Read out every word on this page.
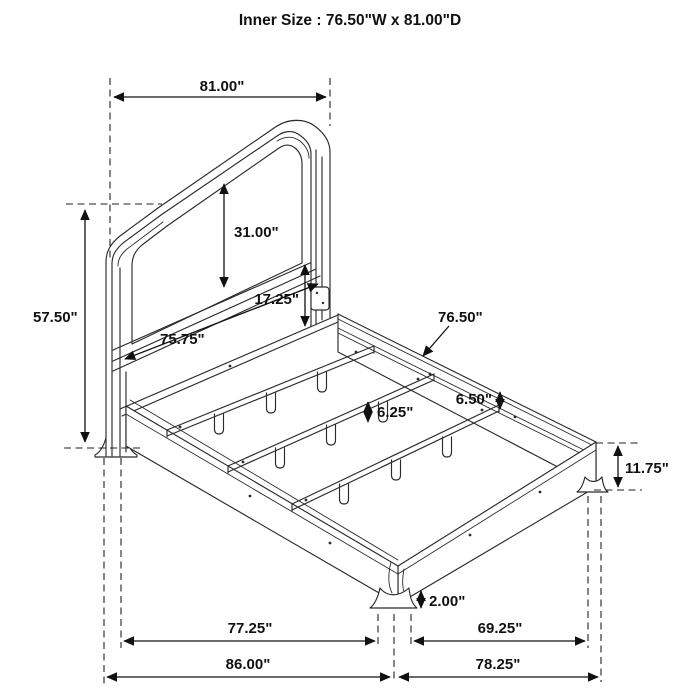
Inner Size : 76.50"W x 81.00"D
81.00"
57.50"
31.00"
17.25"
75.75"
76.50"
6.50"
6.25"
11.75"
2.00"
77.25"
86.00"
69.25"
78.25"
